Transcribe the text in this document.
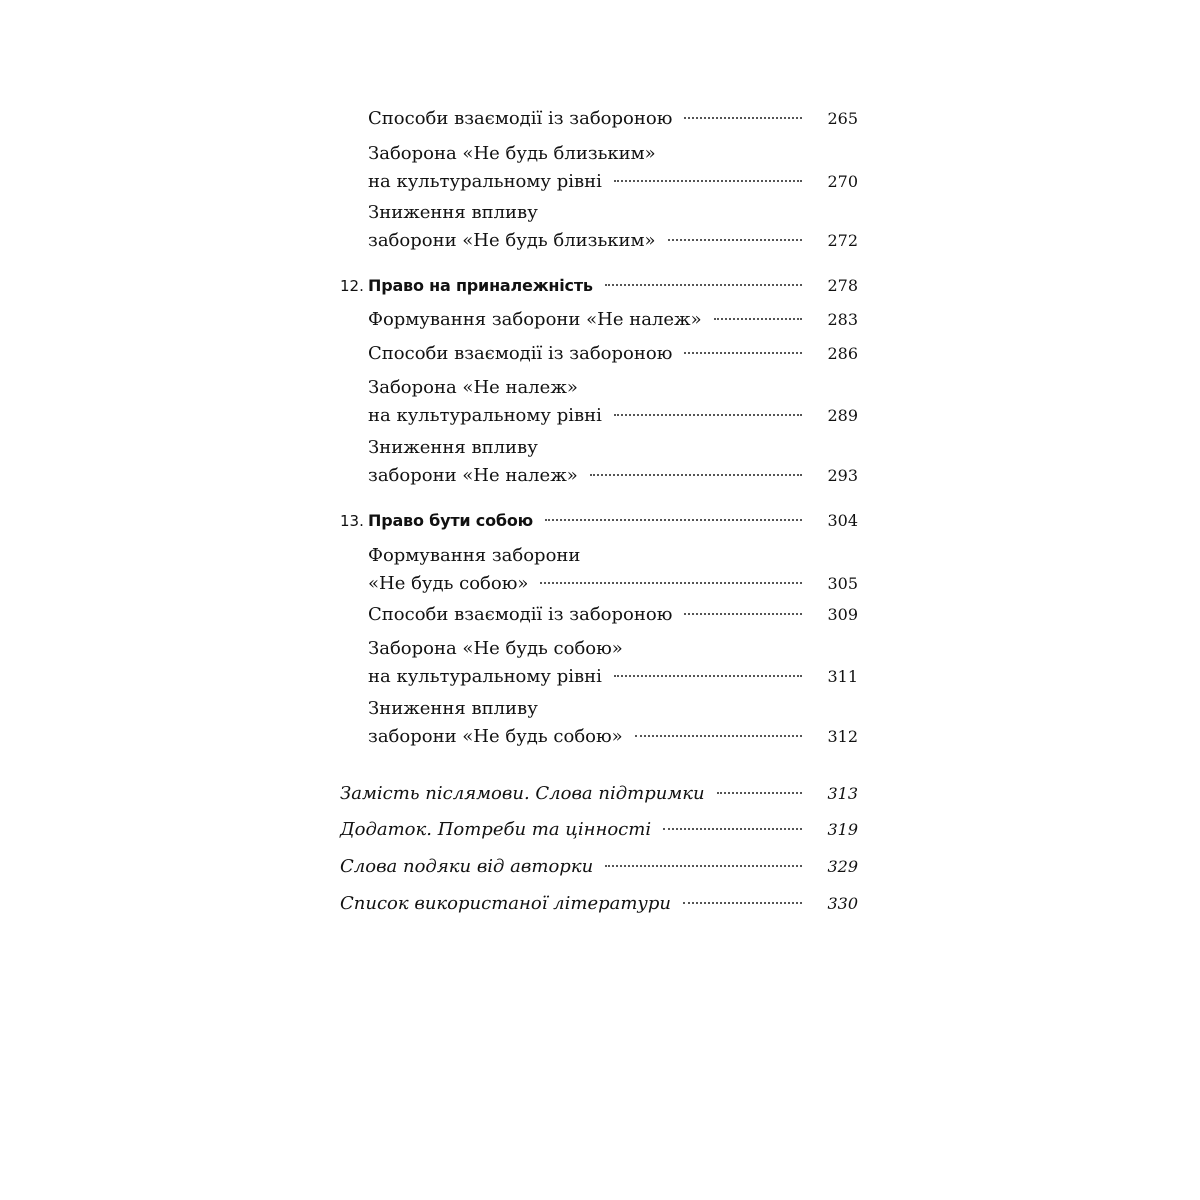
Способи взаємодії із забороною	265
Заборона «Не будь близьким»
на культуральному рівні	270
Зниження впливу
заборони «Не будь близьким»	272
12. Право на приналежність	278
Формування заборони «Не належ»	283
Способи взаємодії із забороною	286
Заборона «Не належ»
на культуральному рівні	289
Зниження впливу
заборони «Не належ»	293
13. Право бути собою	304
Формування заборони
«Не будь собою»	305
Способи взаємодії із забороною	309
Заборона «Не будь собою»
на культуральному рівні	311
Зниження впливу
заборони «Не будь собою»	312
Замість післямови. Слова підтримки	313
Додаток. Потреби та цінності	319
Слова подяки від авторки	329
Список використаної літератури	330
